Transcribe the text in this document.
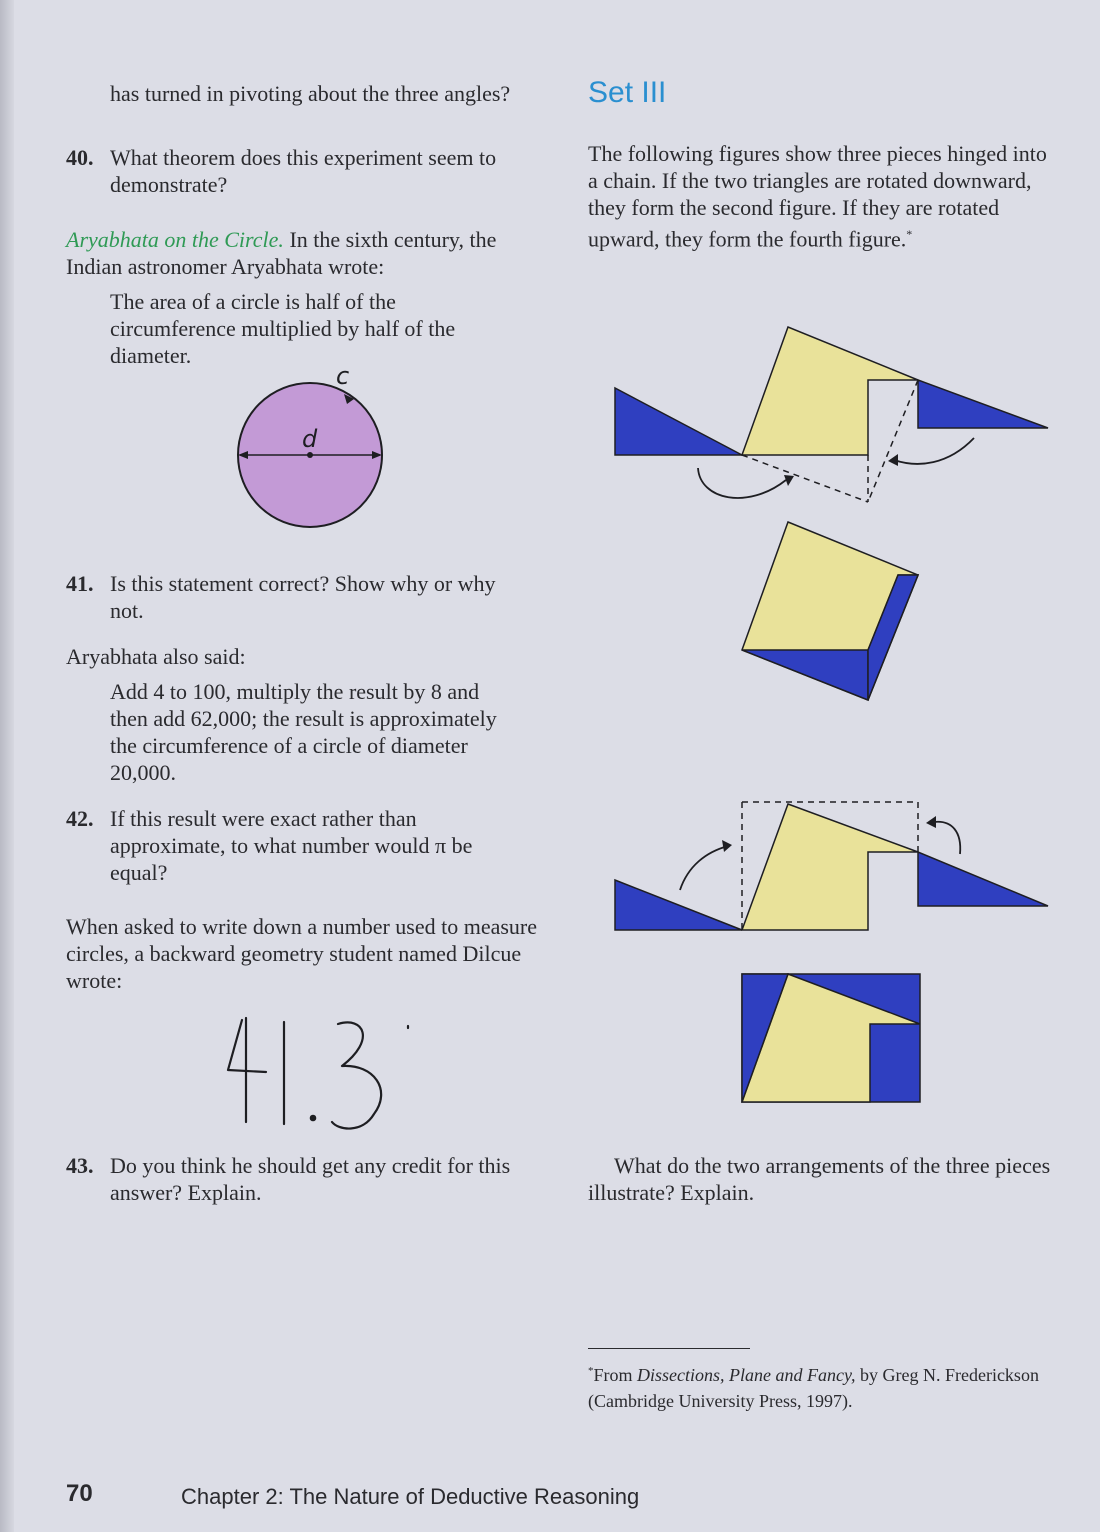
has turned in pivoting about the three angles?

40. What theorem does this experiment seem to demonstrate?

Aryabhata on the Circle. In the sixth century, the Indian astronomer Aryabhata wrote:

The area of a circle is half of the circumference multiplied by half of the diameter.

c
d
41. Is this statement correct? Show why or why not.

Aryabhata also said:

Add 4 to 100, multiply the result by 8 and then add 62,000; the result is approximately the circumference of a circle of diameter 20,000.

42. If this result were exact rather than approximate, to what number would π be equal?

When asked to write down a number used to measure circles, a backward geometry student named Dilcue wrote:

43. Do you think he should get any credit for this answer? Explain.
Set III

The following figures show three pieces hinged into a chain. If the two triangles are rotated downward, they form the second figure. If they are rotated upward, they form the fourth figure.*

What do the two arrangements of the three pieces illustrate? Explain.

*From Dissections, Plane and Fancy, by Greg N. Frederickson (Cambridge University Press, 1997).

70	Chapter 2: The Nature of Deductive Reasoning
